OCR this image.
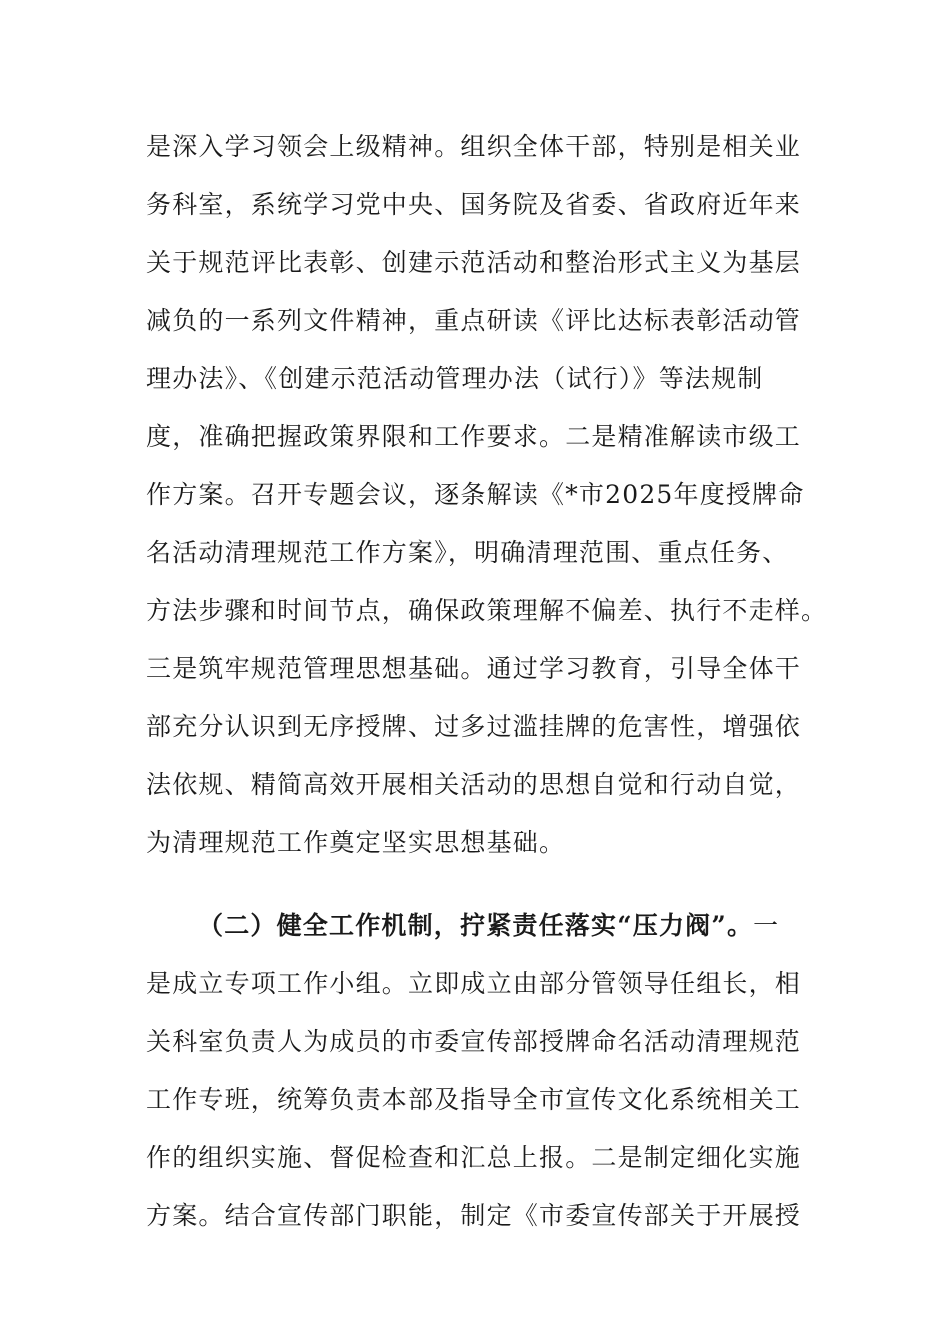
是深入学习领会上级精神。组织全体干部，特别是相关业
务科室，系统学习党中央、国务院及省委、省政府近年来
关于规范评比表彰、创建示范活动和整治形式主义为基层
减负的一系列文件精神，重点研读《评比达标表彰活动管
理办法》、《创建示范活动管理办法（试行）》等法规制
度，准确把握政策界限和工作要求。二是精准解读市级工
作方案。召开专题会议，逐条解读《*市2025年度授牌命
名活动清理规范工作方案》，明确清理范围、重点任务、
方法步骤和时间节点，确保政策理解不偏差、执行不走样。
三是筑牢规范管理思想基础。通过学习教育，引导全体干
部充分认识到无序授牌、过多过滥挂牌的危害性，增强依
法依规、精简高效开展相关活动的思想自觉和行动自觉，
为清理规范工作奠定坚实思想基础。
（二）健全工作机制，拧紧责任落实“压力阀”。一
是成立专项工作小组。立即成立由部分管领导任组长，相
关科室负责人为成员的市委宣传部授牌命名活动清理规范
工作专班，统筹负责本部及指导全市宣传文化系统相关工
作的组织实施、督促检查和汇总上报。二是制定细化实施
方案。结合宣传部门职能，制定《市委宣传部关于开展授
